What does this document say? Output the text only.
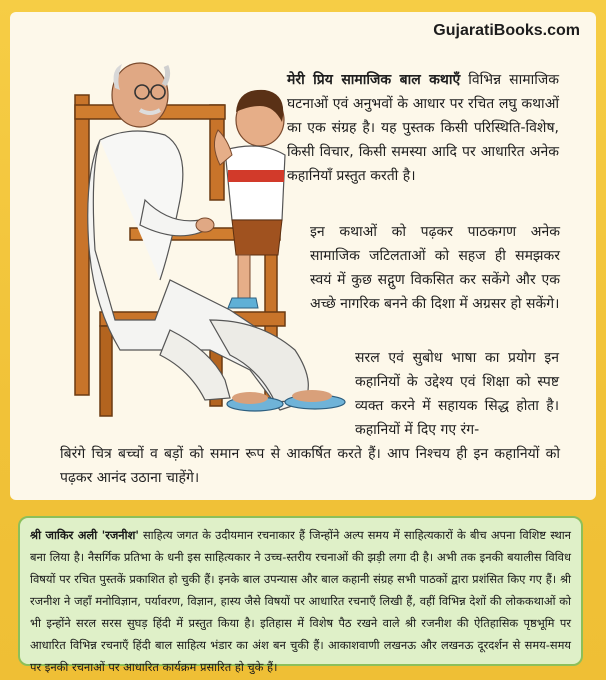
GujaratiBooks.com
मेरी प्रिय सामाजिक बाल कथाएँ विभिन्न सामाजिक घटनाओं एवं अनुभवों के आधार पर रचित लघु कथाओं का एक संग्रह है। यह पुस्तक किसी परिस्थिति-विशेष, किसी विचार, किसी समस्या आदि पर आधारित अनेक कहानियाँ प्रस्तुत करती है।
इन कथाओं को पढ़कर पाठकगण अनेक सामाजिक जटिलताओं को सहज ही समझकर स्वयं में कुछ सद्गुण विकसित कर सकेंगे और एक अच्छे नागरिक बनने की दिशा में अग्रसर हो सकेंगे।
सरल एवं सुबोध भाषा का प्रयोग इन कहानियों के उद्देश्य एवं शिक्षा को स्पष्ट व्यक्त करने में सहायक सिद्ध होता है। कहानियों में दिए गए रंग-
बिरंगे चित्र बच्चों व बड़ों को समान रूप से आकर्षित करते हैं। आप निश्चय ही इन कहानियों को पढ़कर आनंद उठाना चाहेंगे।
श्री जाकिर अली 'रजनीश' साहित्य जगत के उदीयमान रचनाकार हैं जिन्होंने अल्प समय में साहित्यकारों के बीच अपना विशिष्ट स्थान बना लिया है। नैसर्गिक प्रतिभा के धनी इस साहित्यकार ने उच्च-स्तरीय रचनाओं की झड़ी लगा दी है। अभी तक इनकी बयालीस विविध विषयों पर रचित पुस्तकें प्रकाशित हो चुकी हैं। इनके बाल उपन्यास और बाल कहानी संग्रह सभी पाठकों द्वारा प्रशंसित किए गए हैं। श्री रजनीश ने जहाँ मनोविज्ञान, पर्यावरण, विज्ञान, हास्य जैसे विषयों पर आधारित रचनाएँ लिखी हैं, वहीं विभिन्न देशों की लोककथाओं को भी इन्होंने सरल सरस सुघड़ हिंदी में प्रस्तुत किया है। इतिहास में विशेष पैठ रखने वाले श्री रजनीश की ऐतिहासिक पृष्ठभूमि पर आधारित विभिन्न रचनाएँ हिंदी बाल साहित्य भंडार का अंश बन चुकी हैं। आकाशवाणी लखनऊ और लखनऊ दूरदर्शन से समय-समय पर इनकी रचनाओं पर आधारित कार्यक्रम प्रसारित हो चुके हैं।
